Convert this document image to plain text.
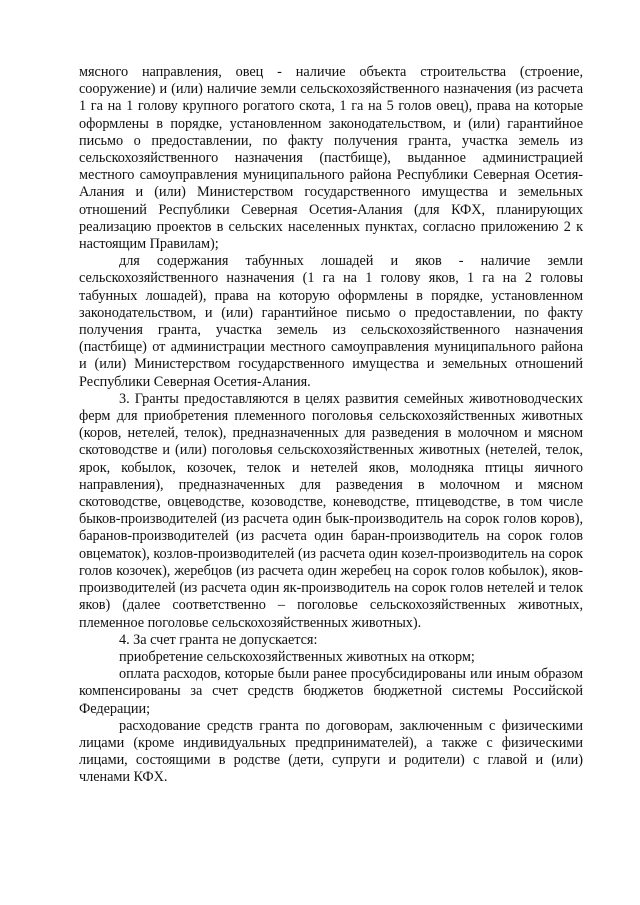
мясного направления, овец - наличие объекта строительства (строение, сооружение) и (или) наличие земли сельскохозяйственного назначения (из расчета 1 га на 1 голову крупного рогатого скота, 1 га на 5 голов овец), права на которые оформлены в порядке, установленном законодательством, и (или) гарантийное письмо о предоставлении, по факту получения гранта, участка земель из сельскохозяйственного назначения (пастбище), выданное администрацией местного самоуправления муниципального района Республики Северная Осетия-Алания и (или) Министерством государственного имущества и земельных отношений Республики Северная Осетия-Алания (для КФХ, планирующих реализацию проектов в сельских населенных пунктах, согласно приложению 2 к настоящим Правилам);

для содержания табунных лошадей и яков - наличие земли сельскохозяйственного назначения (1 га на 1 голову яков, 1 га на 2 головы табунных лошадей), права на которую оформлены в порядке, установленном законодательством, и (или) гарантийное письмо о предоставлении, по факту получения гранта, участка земель из сельскохозяйственного назначения (пастбище) от администрации местного самоуправления муниципального района и (или) Министерством государственного имущества и земельных отношений Республики Северная Осетия-Алания.

3. Гранты предоставляются в целях развития семейных животноводческих ферм для приобретения племенного поголовья сельскохозяйственных животных (коров, нетелей, телок), предназначенных для разведения в молочном и мясном скотоводстве и (или) поголовья сельскохозяйственных животных (нетелей, телок, ярок, кобылок, козочек, телок и нетелей яков, молодняка птицы яичного направления), предназначенных для разведения в молочном и мясном скотоводстве, овцеводстве, козоводстве, коневодстве, птицеводстве, в том числе быков-производителей (из расчета один бык-производитель на сорок голов коров), баранов-производителей (из расчета один баран-производитель на сорок голов овцематок), козлов-производителей (из расчета один козел-производитель на сорок голов козочек), жеребцов (из расчета один жеребец на сорок голов кобылок), яков-производителей (из расчета один як-производитель на сорок голов нетелей и телок яков) (далее соответственно – поголовье сельскохозяйственных животных, племенное поголовье сельскохозяйственных животных).

4. За счет гранта не допускается:

приобретение сельскохозяйственных животных на откорм;

оплата расходов, которые были ранее просубсидированы или иным образом компенсированы за счет средств бюджетов бюджетной системы Российской Федерации;

расходование средств гранта по договорам, заключенным с физическими лицами (кроме индивидуальных предпринимателей), а также с физическими лицами, состоящими в родстве (дети, супруги и родители) с главой и (или) членами КФХ.
